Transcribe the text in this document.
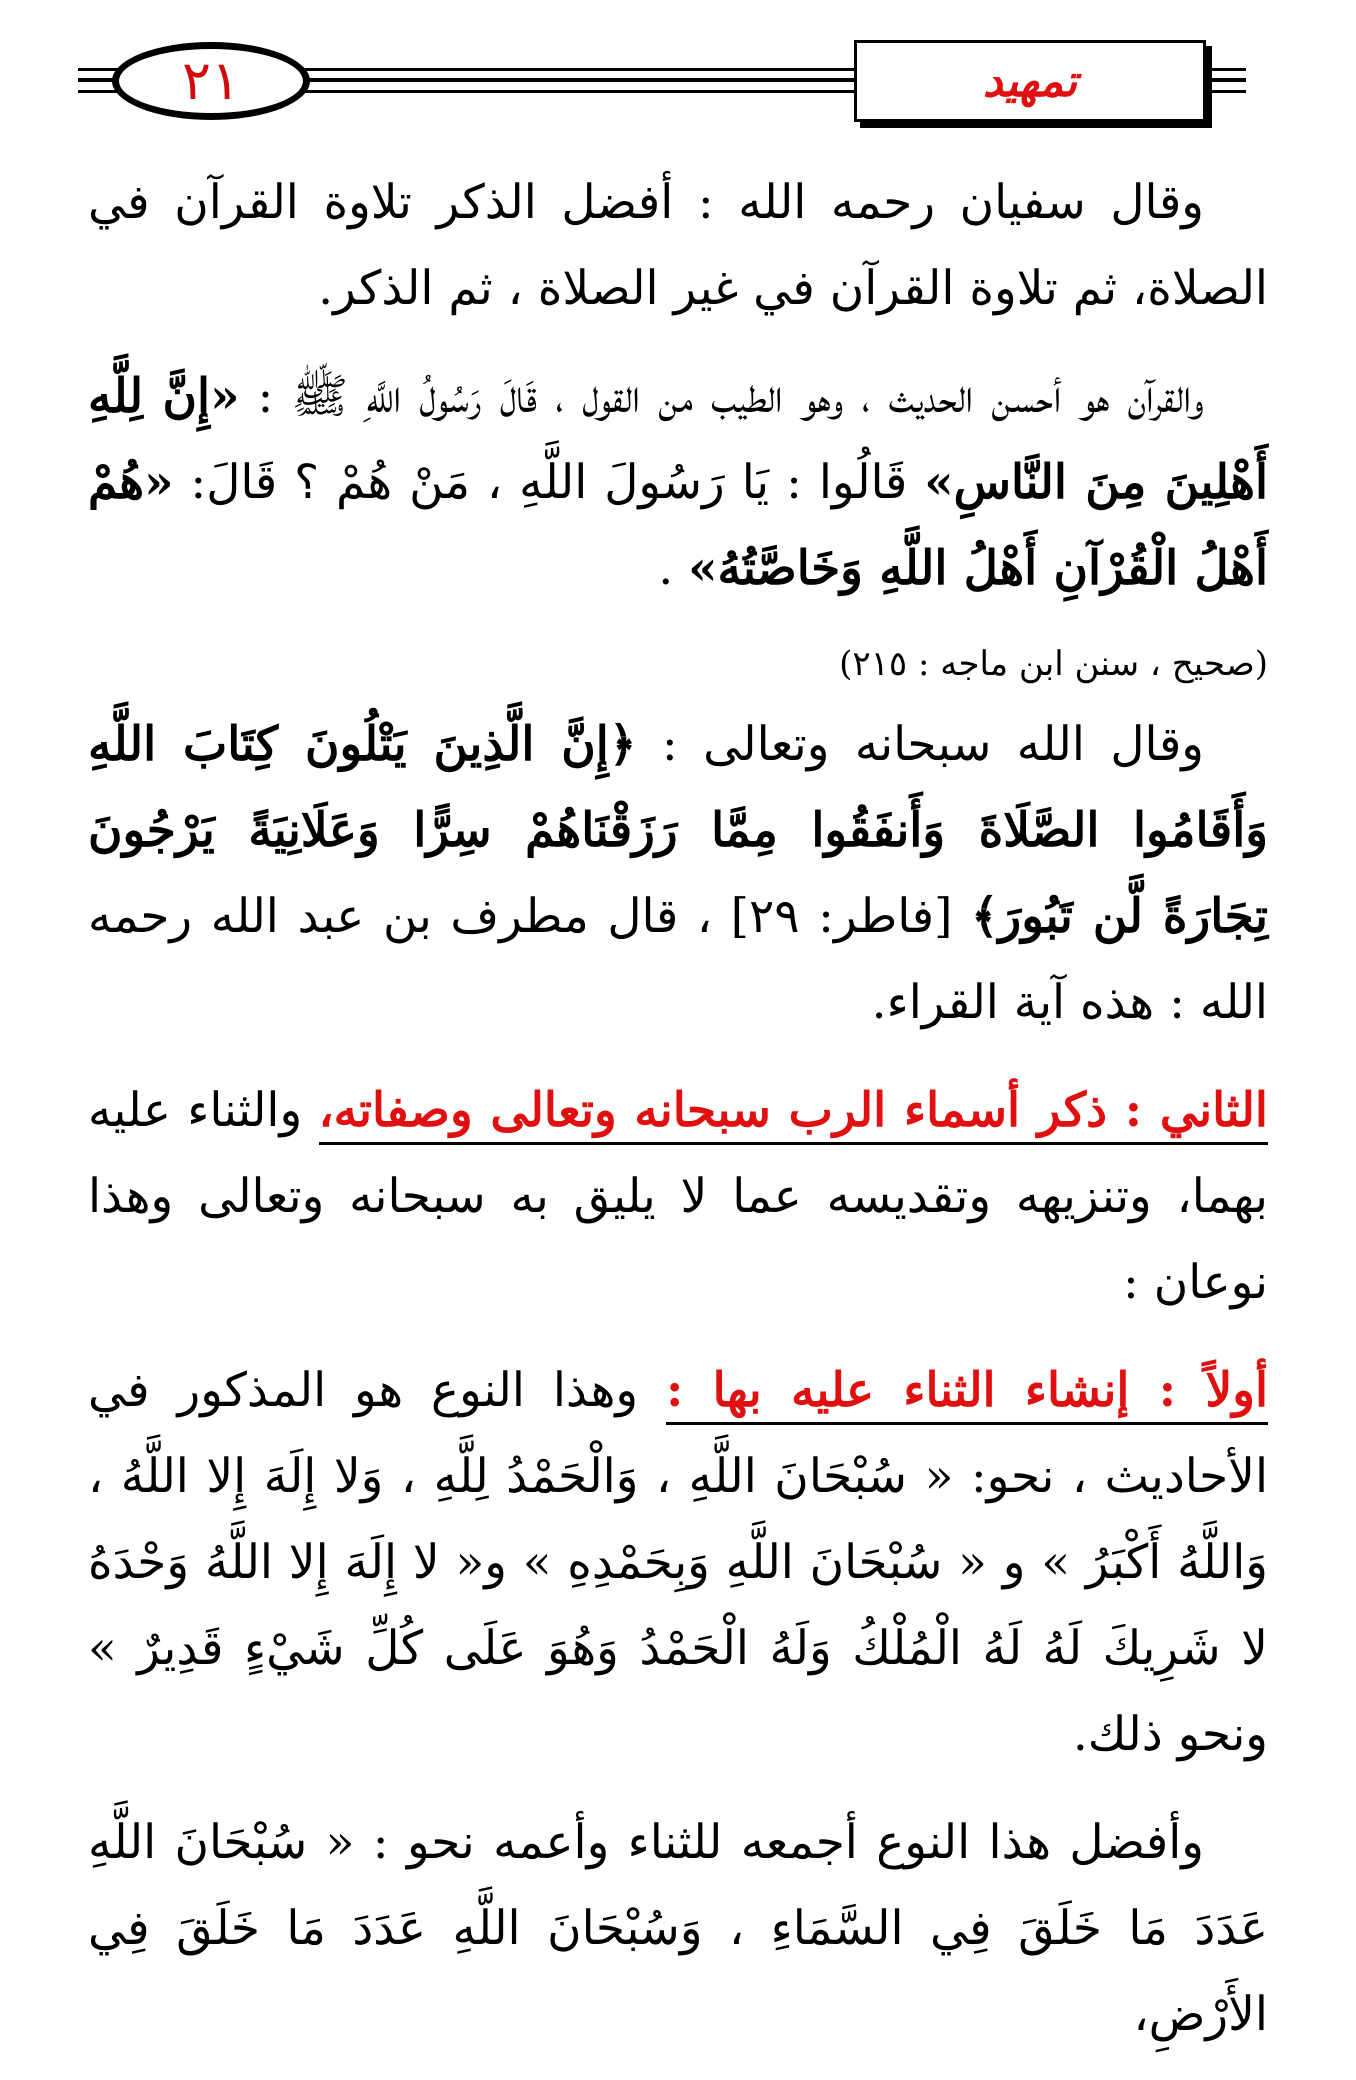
٢١	تمهيد

وقال سفيان رحمه الله : أفضل الذكر تلاوة القرآن في الصلاة، ثم تلاوة القرآن في غير الصلاة ، ثم الذكر.

والقرآن هو أحسن الحديث ، وهو الطيب من القول ، قَالَ رَسُولُ اللَّهِ ﷺ : «إِنَّ لِلَّهِ أَهْلِينَ مِنَ النَّاسِ» قَالُوا : يَا رَسُولَ اللَّهِ ، مَنْ هُمْ ؟ قَالَ: «هُمْ أَهْلُ الْقُرْآنِ أَهْلُ اللَّهِ وَخَاصَّتُهُ» .

(صحيح ، سنن ابن ماجه : ٢١٥)

وقال الله سبحانه وتعالى : ﴿إِنَّ الَّذِينَ يَتْلُونَ كِتَابَ اللَّهِ وَأَقَامُوا الصَّلَاةَ وَأَنفَقُوا مِمَّا رَزَقْنَاهُمْ سِرًّا وَعَلَانِيَةً يَرْجُونَ تِجَارَةً لَّن تَبُورَ﴾ [فاطر: ٢٩] ، قال مطرف بن عبد الله رحمه الله : هذه آية القراء.

الثاني : ذكر أسماء الرب سبحانه وتعالى وصفاته، والثناء عليه بهما، وتنزيهه وتقديسه عما لا يليق به سبحانه وتعالى وهذا نوعان :

أولاً : إنشاء الثناء عليه بها : وهذا النوع هو المذكور في الأحاديث ، نحو: « سُبْحَانَ اللَّهِ ، وَالْحَمْدُ لِلَّهِ ، وَلا إِلَهَ إِلا اللَّهُ ، وَاللَّهُ أَكْبَرُ » و « سُبْحَانَ اللَّهِ وَبِحَمْدِهِ » و« لا إِلَهَ إِلا اللَّهُ وَحْدَهُ لا شَرِيكَ لَهُ لَهُ الْمُلْكُ وَلَهُ الْحَمْدُ وَهُوَ عَلَى كُلِّ شَيْءٍ قَدِيرٌ » ونحو ذلك.

وأفضل هذا النوع أجمعه للثناء وأعمه نحو : « سُبْحَانَ اللَّهِ عَدَدَ مَا خَلَقَ فِي السَّمَاءِ ، وَسُبْحَانَ اللَّهِ عَدَدَ مَا خَلَقَ فِي الأَرْضِ،
